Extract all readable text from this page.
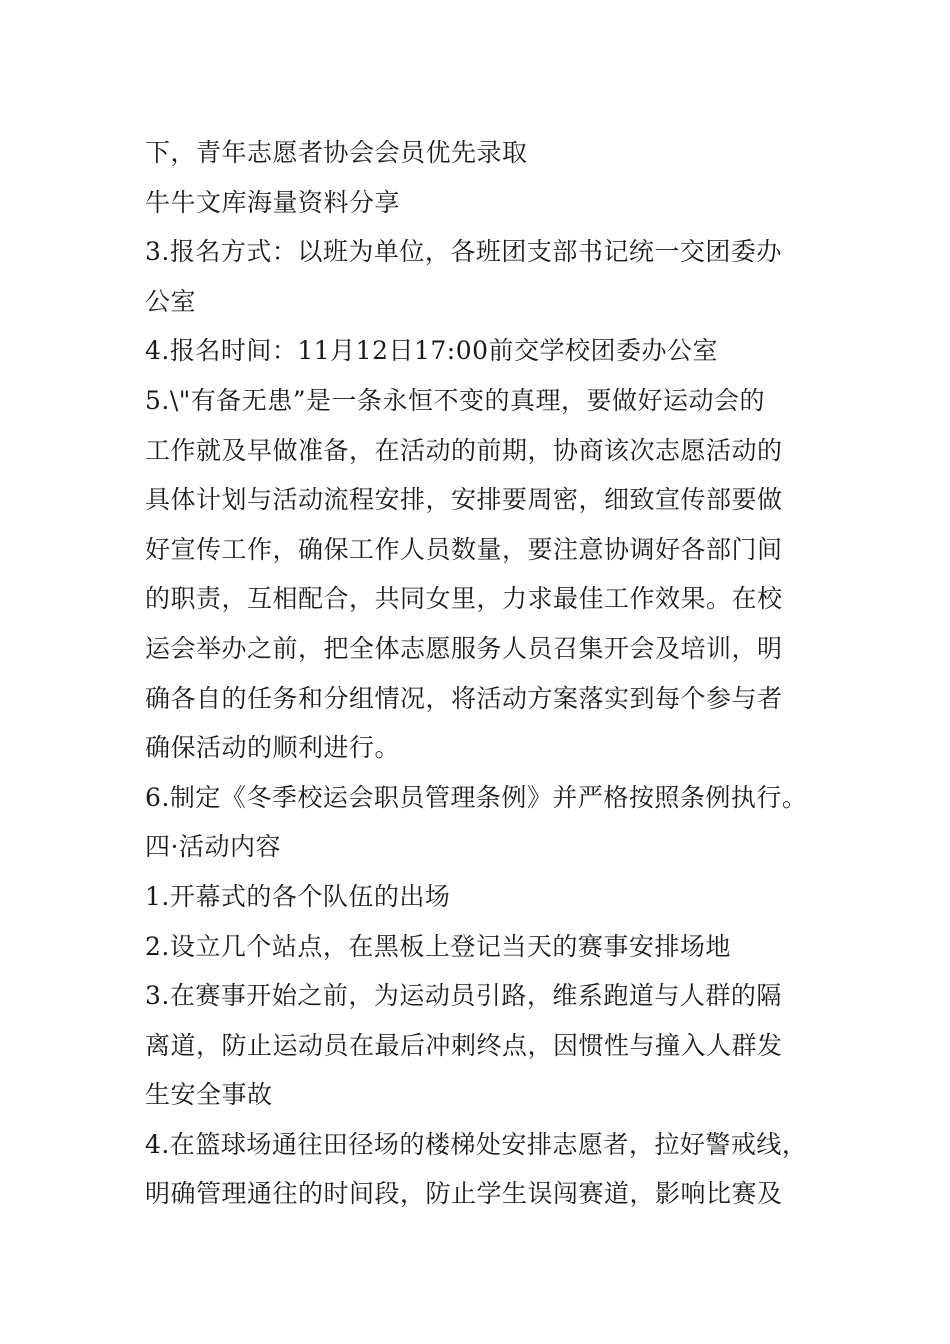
下，青年志愿者协会会员优先录取
牛牛文库海量资料分享
3.报名方式：以班为单位，各班团支部书记统一交团委办
公室
4.报名时间：11月12日17:00前交学校团委办公室
5.\"有备无患”是一条永恒不变的真理，要做好运动会的
工作就及早做准备，在活动的前期，协商该次志愿活动的
具体计划与活动流程安排，安排要周密，细致宣传部要做
好宣传工作，确保工作人员数量，要注意协调好各部门间
的职责，互相配合，共同女里，力求最佳工作效果。在校
运会举办之前，把全体志愿服务人员召集开会及培训，明
确各自的任务和分组情况，将活动方案落实到每个参与者
确保活动的顺利进行。
6.制定《冬季校运会职员管理条例》并严格按照条例执行。
四·活动内容
1.开幕式的各个队伍的出场
2.设立几个站点，在黑板上登记当天的赛事安排场地
3.在赛事开始之前，为运动员引路，维系跑道与人群的隔
离道，防止运动员在最后冲刺终点，因惯性与撞入人群发
生安全事故
4.在篮球场通往田径场的楼梯处安排志愿者，拉好警戒线，
明确管理通往的时间段，防止学生误闯赛道，影响比赛及
